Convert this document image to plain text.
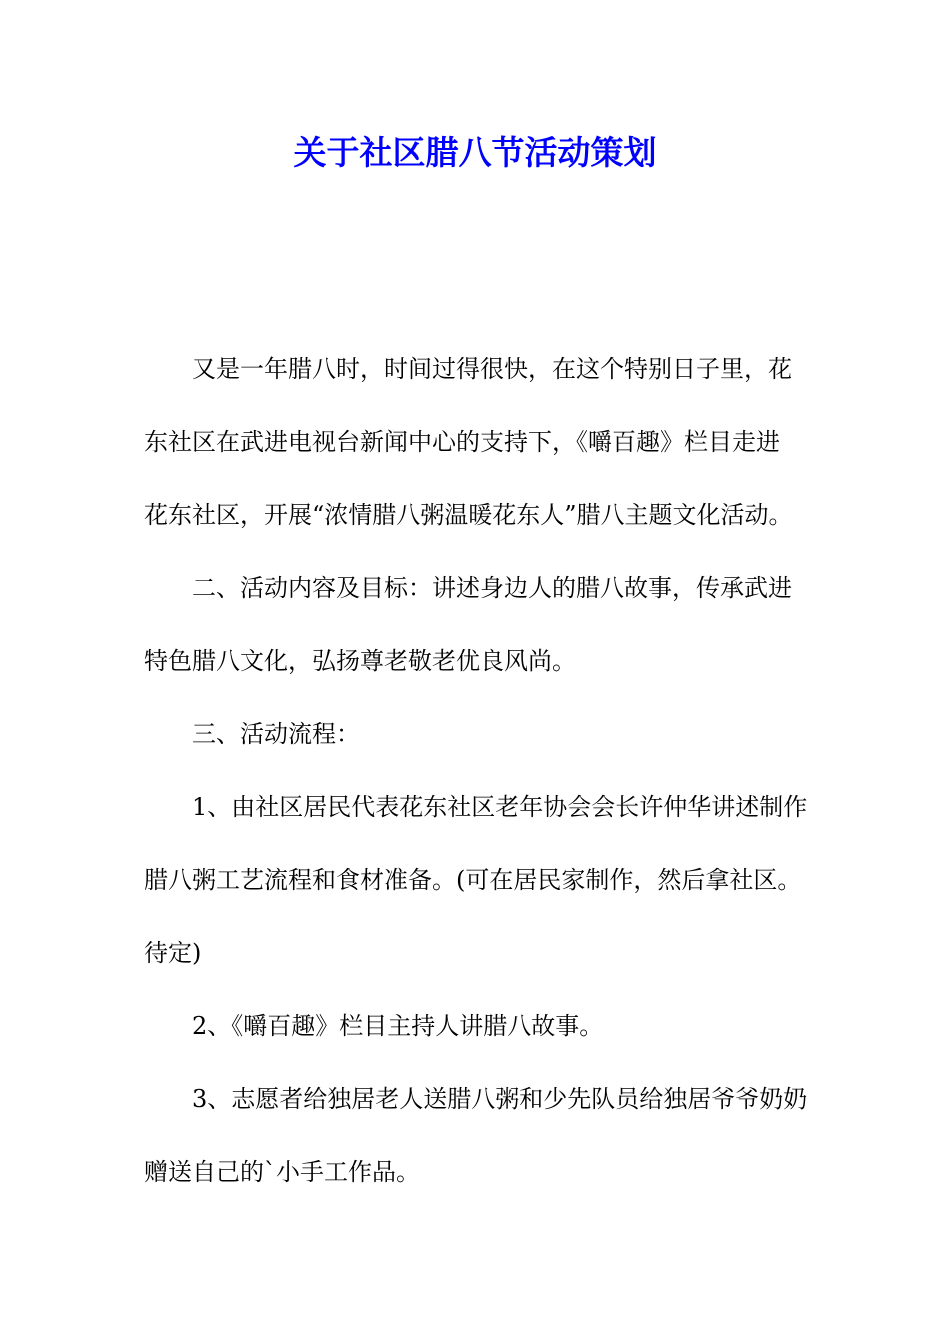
关于社区腊八节活动策划

又是一年腊八时，时间过得很快，在这个特别日子里，花
东社区在武进电视台新闻中心的支持下，《嚼百趣》栏目走进
花东社区，开展“浓情腊八粥温暖花东人”腊八主题文化活动。

二、活动内容及目标：讲述身边人的腊八故事，传承武进
特色腊八文化，弘扬尊老敬老优良风尚。

三、活动流程：

1、由社区居民代表花东社区老年协会会长许仲华讲述制作
腊八粥工艺流程和食材准备。(可在居民家制作，然后拿社区。
待定)

2、《嚼百趣》栏目主持人讲腊八故事。

3、志愿者给独居老人送腊八粥和少先队员给独居爷爷奶奶
赠送自己的`小手工作品。
